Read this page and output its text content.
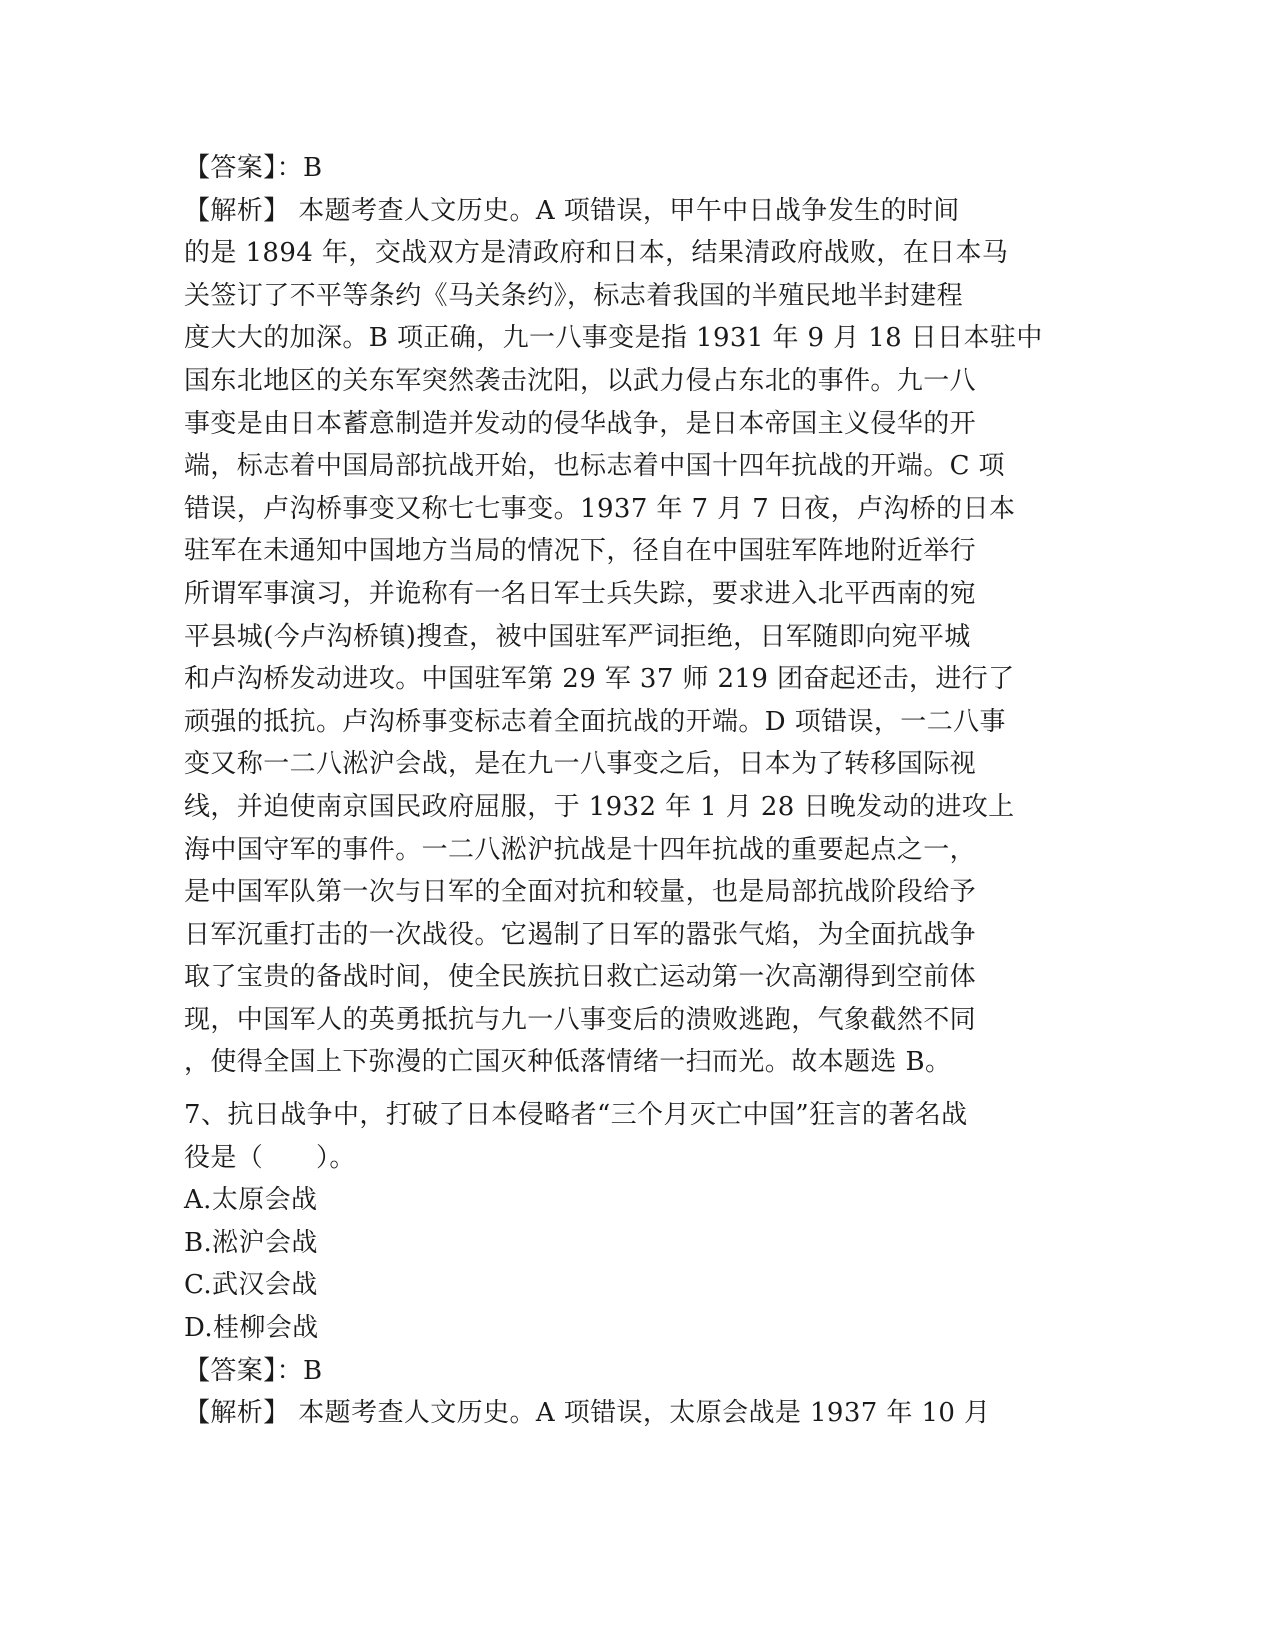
【答案】：B
【解析】 本题考查人文历史。A 项错误，甲午中日战争发生的时间
的是 1894 年，交战双方是清政府和日本，结果清政府战败，在日本马
关签订了不平等条约《马关条约》，标志着我国的半殖民地半封建程
度大大的加深。B 项正确，九一八事变是指 1931 年 9 月 18 日日本驻中
国东北地区的关东军突然袭击沈阳，以武力侵占东北的事件。九一八
事变是由日本蓄意制造并发动的侵华战争，是日本帝国主义侵华的开
端，标志着中国局部抗战开始，也标志着中国十四年抗战的开端。C 项
错误，卢沟桥事变又称七七事变。1937 年 7 月 7 日夜，卢沟桥的日本
驻军在未通知中国地方当局的情况下，径自在中国驻军阵地附近举行
所谓军事演习，并诡称有一名日军士兵失踪，要求进入北平西南的宛
平县城(今卢沟桥镇)搜查，被中国驻军严词拒绝，日军随即向宛平城
和卢沟桥发动进攻。中国驻军第 29 军 37 师 219 团奋起还击，进行了
顽强的抵抗。卢沟桥事变标志着全面抗战的开端。D 项错误，一二八事
变又称一二八淞沪会战，是在九一八事变之后，日本为了转移国际视
线，并迫使南京国民政府屈服，于 1932 年 1 月 28 日晚发动的进攻上
海中国守军的事件。一二八淞沪抗战是十四年抗战的重要起点之一，
是中国军队第一次与日军的全面对抗和较量，也是局部抗战阶段给予
日军沉重打击的一次战役。它遏制了日军的嚣张气焰，为全面抗战争
取了宝贵的备战时间，使全民族抗日救亡运动第一次高潮得到空前体
现，中国军人的英勇抵抗与九一八事变后的溃败逃跑，气象截然不同
，使得全国上下弥漫的亡国灭种低落情绪一扫而光。故本题选 B。
7、抗日战争中，打破了日本侵略者“三个月灭亡中国”狂言的著名战
役是（　　）。
A.太原会战
B.淞沪会战
C.武汉会战
D.桂柳会战
【答案】：B
【解析】 本题考查人文历史。A 项错误，太原会战是 1937 年 10 月
